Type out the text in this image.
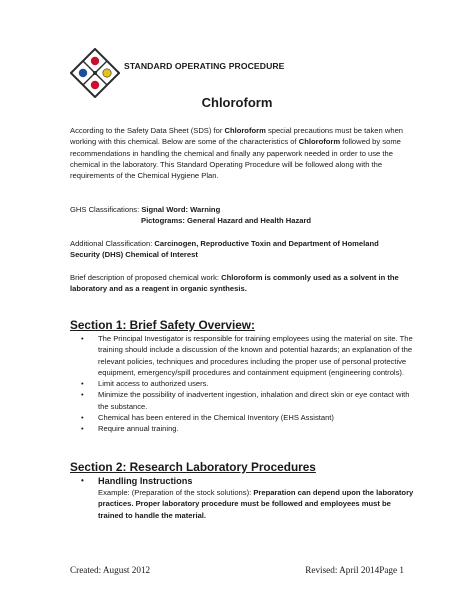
STANDARD OPERATING PROCEDURE
Chloroform
According to the Safety Data Sheet (SDS) for Chloroform special precautions must be taken when working with this chemical. Below are some of the characteristics of Chloroform followed by some recommendations in handling the chemical and finally any paperwork needed in order to use the chemical in the laboratory. This Standard Operating Procedure will be followed along with the requirements of the Chemical Hygiene Plan.
GHS Classifications: Signal Word: Warning
Pictograms: General Hazard and Health Hazard
Additional Classification: Carcinogen, Reproductive Toxin and Department of Homeland Security (DHS) Chemical of Interest
Brief description of proposed chemical work: Chloroform is commonly used as a solvent in the laboratory and as a reagent in organic synthesis.
Section 1: Brief Safety Overview:
• The Principal Investigator is responsible for training employees using the material on site. The training should include a discussion of the known and potential hazards; an explanation of the relevant policies, techniques and procedures including the proper use of personal protective equipment, emergency/spill procedures and containment equipment (engineering controls).
• Limit access to authorized users.
• Minimize the possibility of inadvertent ingestion, inhalation and direct skin or eye contact with the substance.
• Chemical has been entered in the Chemical Inventory (EHS Assistant)
• Require annual training.
Section 2: Research Laboratory Procedures
• Handling Instructions
Example: (Preparation of the stock solutions): Preparation can depend upon the laboratory practices. Proper laboratory procedure must be followed and employees must be trained to handle the material.
Created: August 2012	Revised: April 2014Page 1
